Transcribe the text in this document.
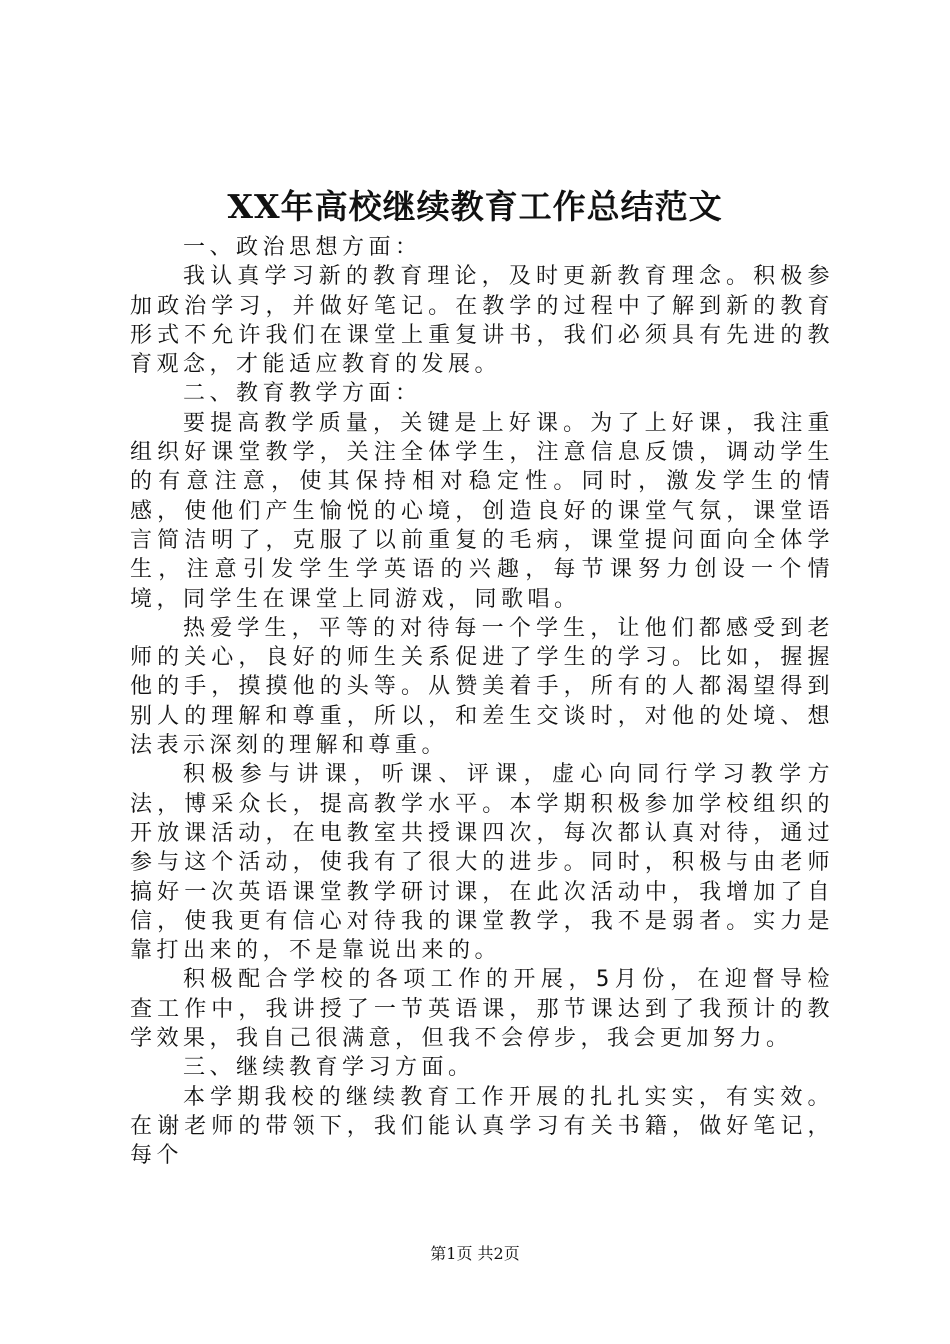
XX年高校继续教育工作总结范文

一、政治思想方面：

我认真学习新的教育理论，及时更新教育理念。积极参加政治学习，并做好笔记。在教学的过程中了解到新的教育形式不允许我们在课堂上重复讲书，我们必须具有先进的教育观念，才能适应教育的发展。

二、教育教学方面：

要提高教学质量，关键是上好课。为了上好课，我注重组织好课堂教学，关注全体学生，注意信息反馈，调动学生的有意注意，使其保持相对稳定性。同时，激发学生的情感，使他们产生愉悦的心境，创造良好的课堂气氛，课堂语言简洁明了，克服了以前重复的毛病，课堂提问面向全体学生，注意引发学生学英语的兴趣，每节课努力创设一个情境，同学生在课堂上同游戏，同歌唱。

热爱学生，平等的对待每一个学生，让他们都感受到老师的关心，良好的师生关系促进了学生的学习。比如，握握他的手，摸摸他的头等。从赞美着手，所有的人都渴望得到别人的理解和尊重，所以，和差生交谈时，对他的处境、想法表示深刻的理解和尊重。

积极参与讲课，听课、评课，虚心向同行学习教学方法，博采众长，提高教学水平。本学期积极参加学校组织的开放课活动，在电教室共授课四次，每次都认真对待，通过参与这个活动，使我有了很大的进步。同时，积极与由老师搞好一次英语课堂教学研讨课，在此次活动中，我增加了自信，使我更有信心对待我的课堂教学，我不是弱者。实力是靠打出来的，不是靠说出来的。

积极配合学校的各项工作的开展，5月份，在迎督导检查工作中，我讲授了一节英语课，那节课达到了我预计的教学效果，我自己很满意，但我不会停步，我会更加努力。

三、继续教育学习方面。

本学期我校的继续教育工作开展的扎扎实实，有实效。在谢老师的带领下，我们能认真学习有关书籍，做好笔记，每个

第1页 共2页
